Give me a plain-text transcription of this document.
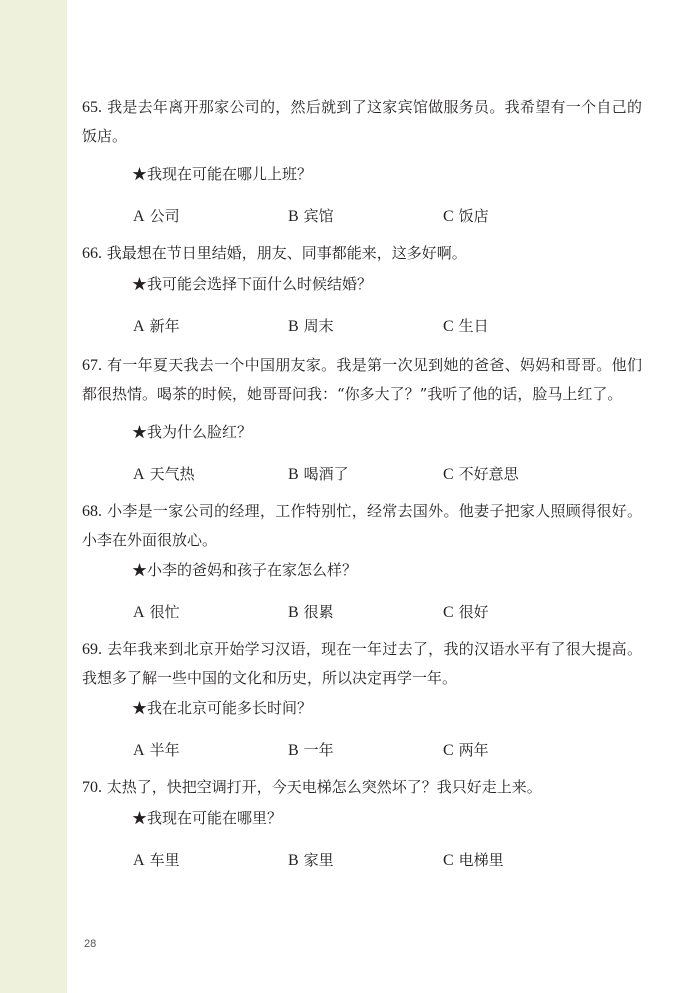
65. 我是去年离开那家公司的，然后就到了这家宾馆做服务员。我希望有一个自己的饭店。
★我现在可能在哪儿上班？
A 公司	B 宾馆	C 饭店
66. 我最想在节日里结婚，朋友、同事都能来，这多好啊。
★我可能会选择下面什么时候结婚？
A 新年	B 周末	C 生日
67. 有一年夏天我去一个中国朋友家。我是第一次见到她的爸爸、妈妈和哥哥。他们都很热情。喝茶的时候，她哥哥问我：“你多大了？”我听了他的话，脸马上红了。
★我为什么脸红？
A 天气热	B 喝酒了	C 不好意思
68. 小李是一家公司的经理，工作特别忙，经常去国外。他妻子把家人照顾得很好。小李在外面很放心。
★小李的爸妈和孩子在家怎么样？
A 很忙	B 很累	C 很好
69. 去年我来到北京开始学习汉语，现在一年过去了，我的汉语水平有了很大提高。我想多了解一些中国的文化和历史，所以决定再学一年。
★我在北京可能多长时间？
A 半年	B 一年	C 两年
70. 太热了，快把空调打开，今天电梯怎么突然坏了？我只好走上来。
★我现在可能在哪里？
A 车里	B 家里	C 电梯里
28
